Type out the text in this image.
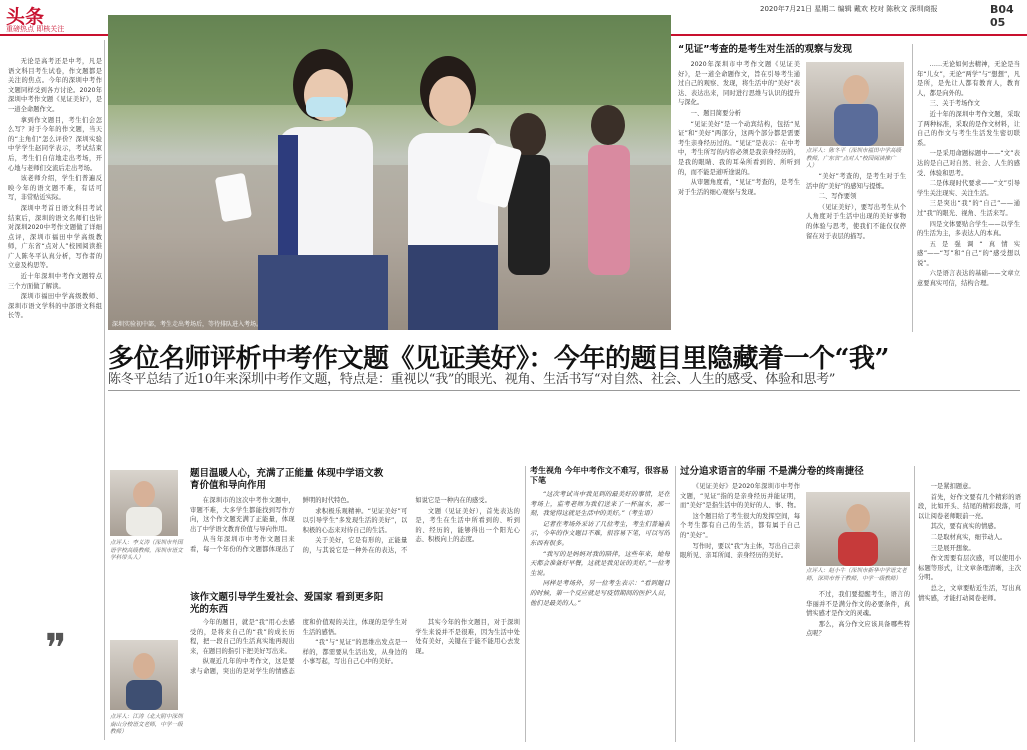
头条
重磅热点 即核关注
2020年7月21日 星期二 编辑 戴欢 校对 陈秋文 深圳商报	B04 05

无论是高考还是中考，凡是语文科目考生试卷，作文题都是关注的焦点。今年的深圳中考作文题同样受到各方讨论。2020年深圳中考作文题《见证美好》，是一道全命题作文。

拿到作文题目，考生们会怎么写？对于今年的作文题，当天的“主角们”怎么评价？深圳实验中学学生赵同学表示，考试结束后，考生们自信地走出考场，开心地与老师们交流后走出考场。

该老师介绍，学生们普遍反映今年的语文题不难，有话可写，非常贴近实际。

深圳中考首日语文科目考试结束后，深圳的语文名师们也针对深圳2020中考作文题做了详细点评，深圳市福田中学高级教师，广东省“点对人”校园阅读推广人陈冬平认真分析，写作者的立意及构思等。

近十年深圳中考作文题特点三个方面做了解读。

深圳市福田中学高级教师、深圳市语文学科的中部语文科组长等。

❞
深圳实验初中部，考生走出考场后，等待排队进入考场。
“见证”考查的是考生对生活的观察与发现

2020年深圳市中考作文题《见证美好》，是一道全命题作文，旨在引导考生通过自己的观察、发现，将生活中的“美好”表达、表达出来，同时进行思维与认识的提升与深化。

一、题目简要分析

“见证美好”是一个动宾结构，包括“见证”和“美好”两部分，这两个部分都是需要考生亲身经历过的。“见证”是表示：在中考中，考生所写的内容必须是我亲身经历的，是我的眼睛、我的耳朵所看到的、所听到的，而不能是道听途说的。

从审题角度看，“见证”考查的，是考生对于生活的细心观察与发现。

点评人：陈冬平（深圳市福田中学高级教师，广东省“点对人”校园阅读推广人）

“美好”考查的，是考生对于生活中的“美好”的感知与提炼。

二、写作要领

（见证美好），要写出考生从个人角度对于生活中出现的美好事物的体验与思考，使我们不能仅仅停留在对于表层的描写。

……无论如何去精神，无论是当年“儿女”，无论“两学”与“想想”，凡是所，是先让人都有教育人，教育人，都是向外的。

三、关于考场作文

近十年的深圳中考作文题，采取了两种标准，采取的是作文材料，让自己的作文与考生生活发生密切联系。

一是采用命题标题中——“文”表达的是自己对自然、社会、人生的感受、体验和思考。

二是体现时代要求——“文”引导学生关注现实、关注生活。

三是突出“我”的“自己”——通过“我”的眼光、视角、生活来写。

四是文体要贴合学生——以学生的生活为主，多表达人的本真。

五是强调“真情实感”——“写”和“自己”的“感受想以说”。

六是语言表达的基础——文章立意要真实可信，结构合理。

多位名师评析中考作文题《见证美好》：今年的题目里隐藏着一个“我”
陈冬平总结了近10年来深圳中考作文题，特点是：重视以“我”的眼光、视角、生活书写“对自然、社会、人生的感受、体验和思考”
点评人：李义涛（深圳市外国语学校高级教师，深圳市语文学科带头人）
题目温暖人心，充满了正能量 体现中学语文教育价值和导向作用

在深圳市的这次中考作文题中，审题不难，大多学生都能找到写作方向，这个作文题充满了正能量，体现出了中学语文教育价值与导向作用。

从当年深圳市中考作文题目来看，每一个年份的作文题都体现出了鲜明的时代特色。

求积极乐观精神。“见证美好”可以引导学生“多发现生活的美好”，以积极的心态来对待自己的生活。

关于美好，它是有形的，正能量的，与其说它是一种外在的表达，不如说它是一种内在的感受。

文题（见证美好），首先表达的是，考生在生活中所看到的、听到的、经历的，能够得出一个阳光心态、积极向上的态度。

该作文题引导学生爱社会、爱国家 看到更多阳光的东西
点评人：江涛（北大附中深圳南山分校语文老师，中学一级教师）

今年的题目，就是“我”用心去感受的，是将来自己的“我”的成长历程，把一段自己的生活真实地再现出来，在题目的指引下把美好写出来。

纵观近几年的中考作文，这是要求与命题，突出的是对学生的情感态度和价值观的关注，体现的是学生对生活的感悟。

“我”与“见证”的思维出发点是一样的，都需要从生活出发，从身边的小事写起，写出自己心中的美好。

其实今年的作文题目，对于深圳学生来说并不是很难，因为生活中处处有美好，关键在于能不能用心去发现。

考生视角 今年中考作文不难写，很容易下笔

“这次考试当中我见到的最美好的事情，是在考场上，监考老师为我们送来了一杯温水，那一刻，我觉得这就是生活中的美好。”（考生语）

记者在考场外采访了几位考生，考生们普遍表示，今年的作文题目不难，很容易下笔，可以写的东西有很多。

“我写的是妈妈对我的陪伴，这些年来，她每天都会准备好早餐，这就是我见证的美好。”一位考生说。

同样是考场外，另一位考生表示：“看到题目的时候，第一个反应就是写疫情期间的医护人员，他们是最美的人。”

过分追求语言的华丽 不是满分卷的终南捷径

《见证美好》是2020年深圳市中考作文题，“见证”指的是亲身经历并能证明，而“美好”是指生活中的美好的人、事、物。

这个题目给了考生很大的发挥空间，每个考生都有自己的生活，都有属于自己的“美好”。

写作时，要以“我”为主体，写出自己亲眼所见、亲耳所闻、亲身经历的美好。

点评人：赵小牛（深圳市新华中学语文老师，深圳市骨干教师，中学一级教师）

不过，我们要提醒考生，语言的华丽并不是满分作文的必要条件，真情实感才是作文的灵魂。

那么，高分作文应该具备哪些特点呢？

一是紧扣题意。

首先，好作文要有几个精彩的语段，比如开头、结尾的精彩段落，可以让阅卷老师眼前一亮。

其次，要有真实的情感。

二是取材真实，细节动人。

三是展开想象。

作文需要有层次感，可以使用小标题等形式，让文章条理清晰，主次分明。

总之，文章要贴近生活，写出真情实感，才能打动阅卷老师。
